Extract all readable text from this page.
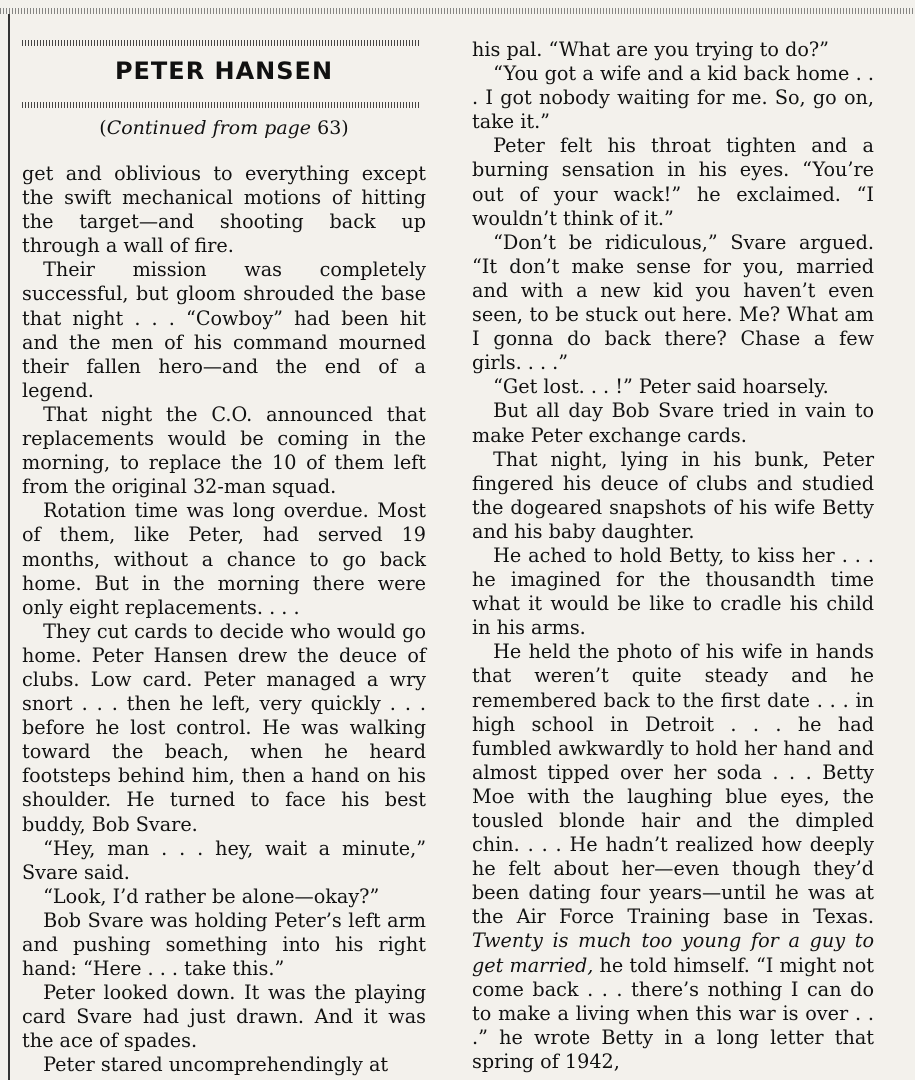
PETER HANSEN

(Continued from page 63)

get and oblivious to everything except the swift mechanical motions of hitting the target—and shooting back up through a wall of fire.

Their mission was completely successful, but gloom shrouded the base that night . . . “Cowboy” had been hit and the men of his command mourned their fallen hero—and the end of a legend.

That night the C.O. announced that replacements would be coming in the morning, to replace the 10 of them left from the original 32-man squad.

Rotation time was long overdue. Most of them, like Peter, had served 19 months, without a chance to go back home. But in the morning there were only eight replacements. . . .

They cut cards to decide who would go home. Peter Hansen drew the deuce of clubs. Low card. Peter managed a wry snort . . . then he left, very quickly . . . before he lost control. He was walking toward the beach, when he heard footsteps behind him, then a hand on his shoulder. He turned to face his best buddy, Bob Svare.

“Hey, man . . . hey, wait a minute,” Svare said.

“Look, I’d rather be alone—okay?”

Bob Svare was holding Peter’s left arm and pushing something into his right hand: “Here . . . take this.”

Peter looked down. It was the playing card Svare had just drawn. And it was the ace of spades.

Peter stared uncomprehendingly at

his pal. “What are you trying to do?”

“You got a wife and a kid back home . . . I got nobody waiting for me. So, go on, take it.”

Peter felt his throat tighten and a burning sensation in his eyes. “You’re out of your wack!” he exclaimed. “I wouldn’t think of it.”

“Don’t be ridiculous,” Svare argued. “It don’t make sense for you, married and with a new kid you haven’t even seen, to be stuck out here. Me? What am I gonna do back there? Chase a few girls. . . .”

“Get lost. . . !” Peter said hoarsely.

But all day Bob Svare tried in vain to make Peter exchange cards.

That night, lying in his bunk, Peter fingered his deuce of clubs and studied the dogeared snapshots of his wife Betty and his baby daughter.

He ached to hold Betty, to kiss her . . . he imagined for the thousandth time what it would be like to cradle his child in his arms.

He held the photo of his wife in hands that weren’t quite steady and he remembered back to the first date . . . in high school in Detroit . . . he had fumbled awkwardly to hold her hand and almost tipped over her soda . . . Betty Moe with the laughing blue eyes, the tousled blonde hair and the dimpled chin. . . . He hadn’t realized how deeply he felt about her—even though they’d been dating four years—until he was at the Air Force Training base in Texas. Twenty is much too young for a guy to get married, he told himself. “I might not come back . . . there’s nothing I can do to make a living when this war is over . . .” he wrote Betty in a long letter that spring of 1942,
